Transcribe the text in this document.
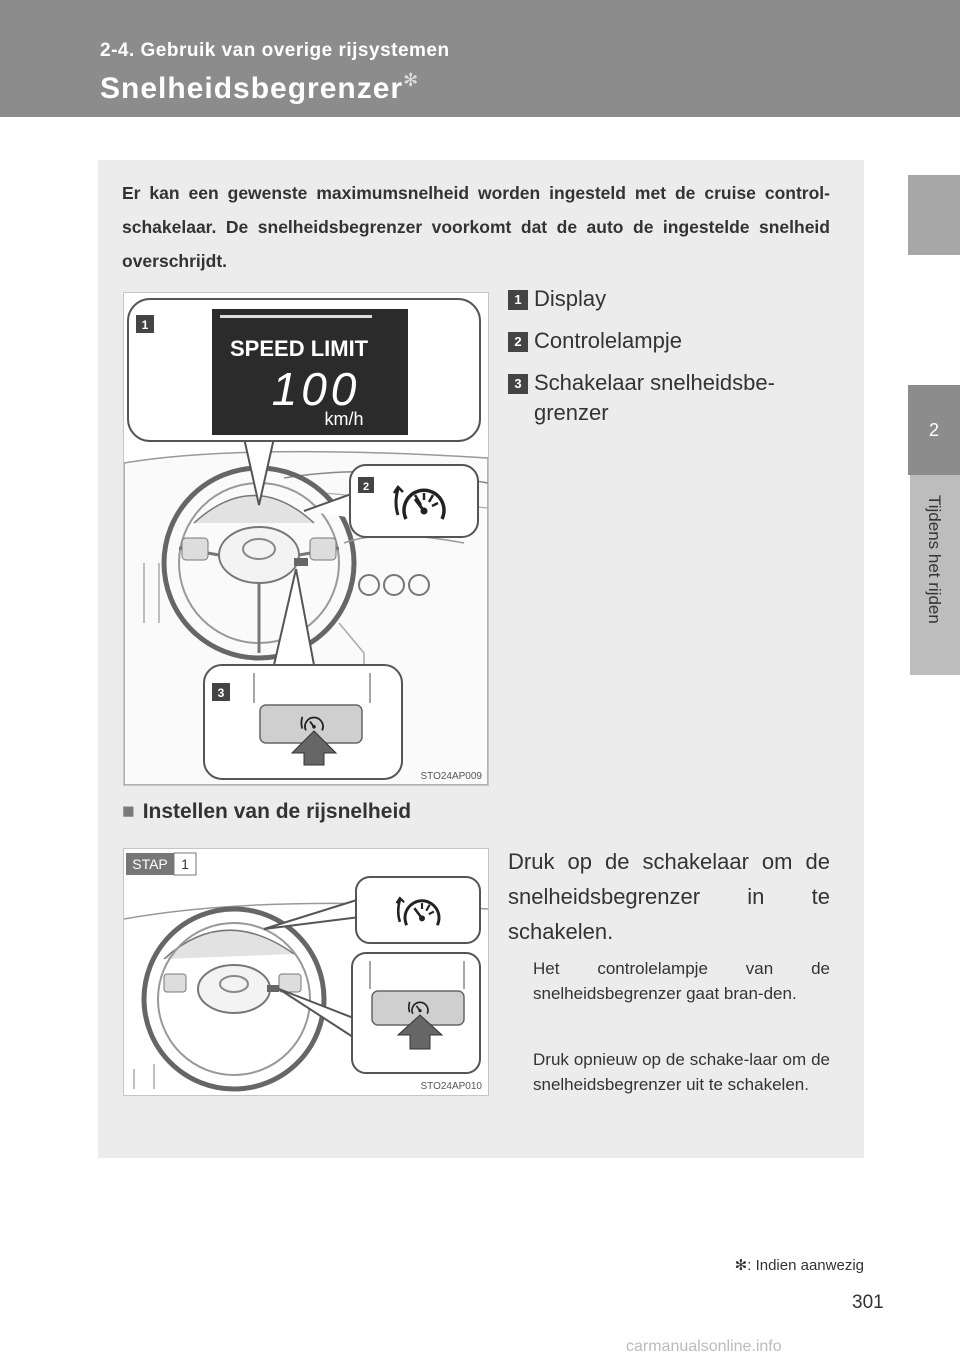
2-4. Gebruik van overige rijsystemen
Snelheidsbegrenzer✻
2
Tijdens het rijden
Er kan een gewenste maximumsnelheid worden ingesteld met de cruise control-schakelaar. De snelheidsbegrenzer voorkomt dat de auto de ingestelde snelheid overschrijdt.
1
SPEED LIMIT
100
km/h
2
3
STO24AP009
1 Display
2 Controlelampje
3 Schakelaar snelheidsbe-grenzer
■ Instellen van de rijsnelheid
STAP 1
STO24AP010
Druk op de schakelaar om de snelheidsbegrenzer in te
schakelen.
Het controlelampje van de snelheidsbegrenzer gaat bran-den.
Druk opnieuw op de schake-laar om de snelheidsbegrenzer uit te schakelen.
✻: Indien aanwezig
301
carmanualsonline.info
